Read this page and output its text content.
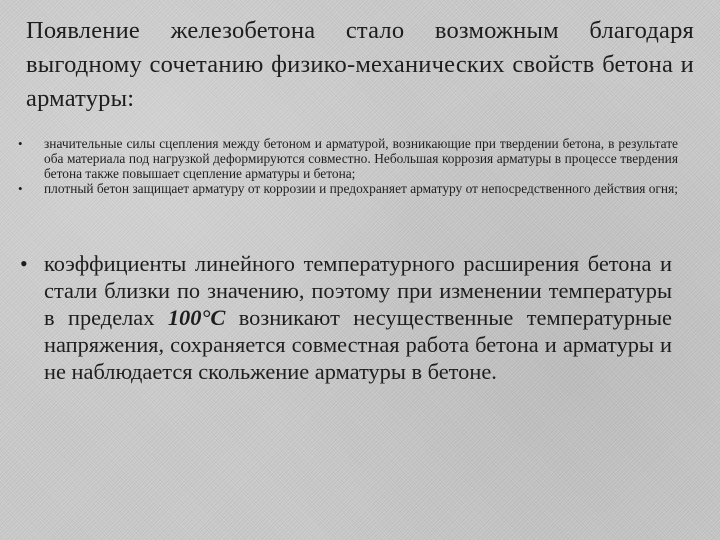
Появление железобетона стало возможным благодаря выгодному сочетанию физико-механических свойств бетона и арматуры:
• значительные силы сцепления между бетоном и арматурой, возникающие при твердении бетона, в результате оба материала под нагрузкой деформируются совместно. Небольшая коррозия арматуры в процессе твердения бетона также повышает сцепление арматуры и бетона;
• плотный бетон защищает арматуру от коррозии и предохраняет арматуру от непосредственного действия огня;
• коэффициенты линейного температурного расширения бетона и стали близки по значению, поэтому при изменении температуры в пределах 100°С возникают несущественные температурные напряжения, сохраняется совместная работа бетона и арматуры и не наблюдается скольжение арматуры в бетоне.
